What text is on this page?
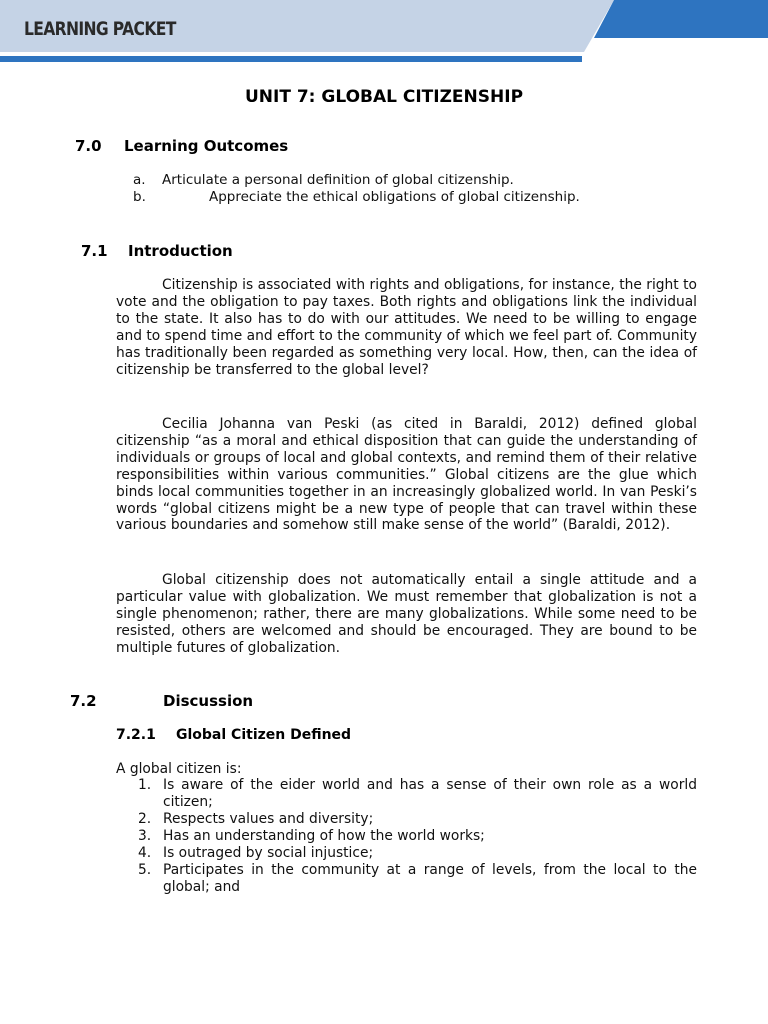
LEARNING PACKET
UNIT 7: GLOBAL CITIZENSHIP
7.0 Learning Outcomes
a. Articulate a personal definition of global citizenship.
b.	Appreciate the ethical obligations of global citizenship.
7.1 Introduction
Citizenship is associated with rights and obligations, for instance, the right to vote and the obligation to pay taxes. Both rights and obligations link the individual to the state. It also has to do with our attitudes. We need to be willing to engage and to spend time and effort to the community of which we feel part of. Community has traditionally been regarded as something very local. How, then, can the idea of citizenship be transferred to the global level?
Cecilia Johanna van Peski (as cited in Baraldi, 2012) defined global citizenship “as a moral and ethical disposition that can guide the understanding of individuals or groups of local and global contexts, and remind them of their relative responsibilities within various communities.” Global citizens are the glue which binds local communities together in an increasingly globalized world. In van Peski’s words “global citizens might be a new type of people that can travel within these various boundaries and somehow still make sense of the world” (Baraldi, 2012).
Global citizenship does not automatically entail a single attitude and a particular value with globalization. We must remember that globalization is not a single phenomenon; rather, there are many globalizations. While some need to be resisted, others are welcomed and should be encouraged. They are bound to be multiple futures of globalization.
7.2	Discussion
7.2.1 Global Citizen Defined
A global citizen is:
1. Is aware of the eider world and has a sense of their own role as a world citizen;
2. Respects values and diversity;
3. Has an understanding of how the world works;
4. Is outraged by social injustice;
5. Participates in the community at a range of levels, from the local to the global; and
